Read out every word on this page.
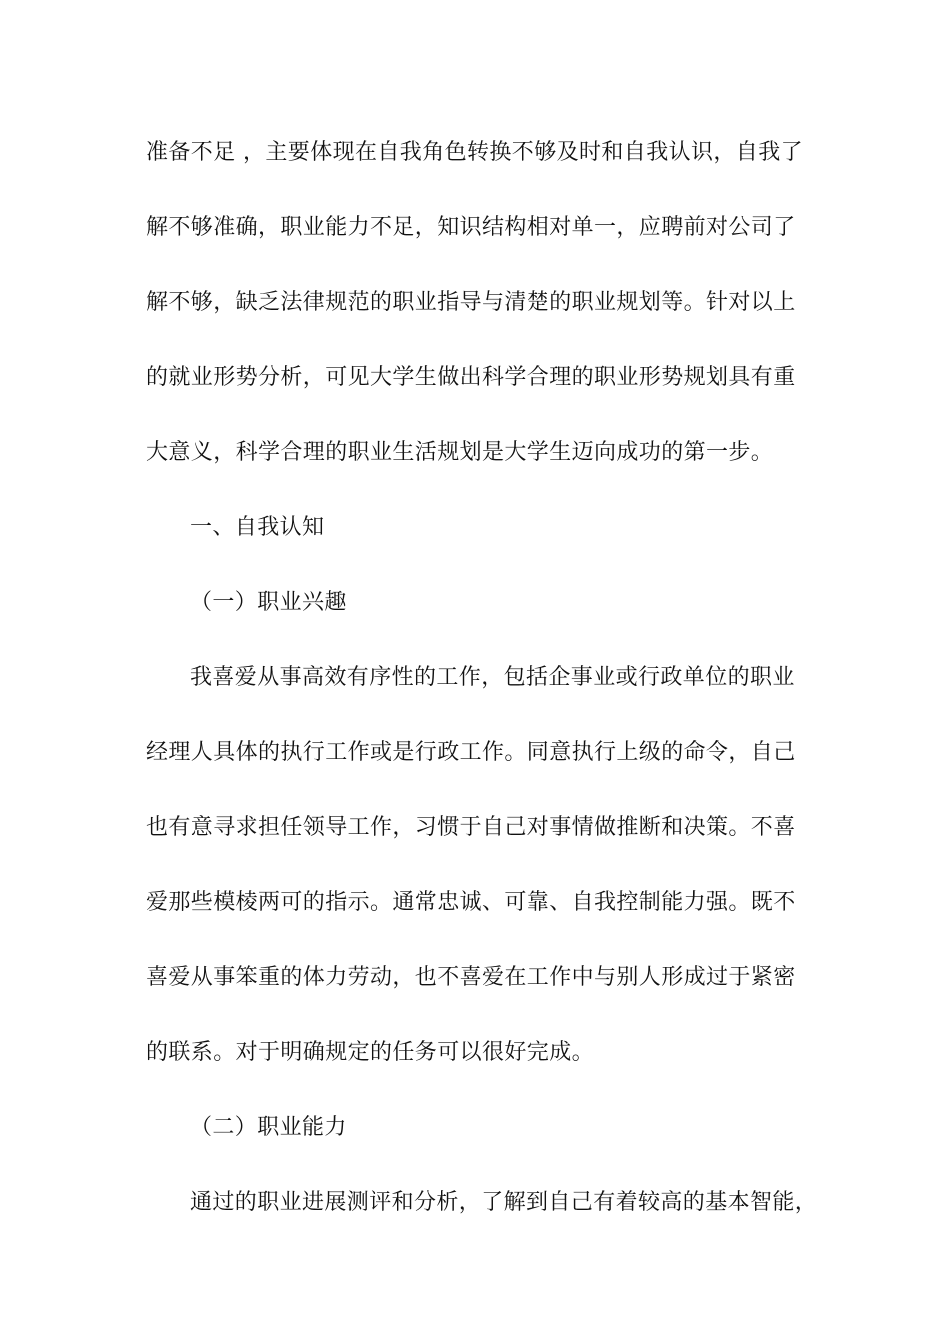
准备不足 ，主要体现在自我角色转换不够及时和自我认识，自我了
解不够准确，职业能力不足，知识结构相对单一，应聘前对公司了
解不够，缺乏法律规范的职业指导与清楚的职业规划等。针对以上
的就业形势分析，可见大学生做出科学合理的职业形势规划具有重
大意义，科学合理的职业生活规划是大学生迈向成功的第一步。
一、自我认知
（一）职业兴趣
我喜爱从事高效有序性的工作，包括企事业或行政单位的职业
经理人具体的执行工作或是行政工作。同意执行上级的命令，自己
也有意寻求担任领导工作，习惯于自己对事情做推断和决策。不喜
爱那些模棱两可的指示。通常忠诚、可靠、自我控制能力强。既不
喜爱从事笨重的体力劳动，也不喜爱在工作中与别人形成过于紧密
的联系。对于明确规定的任务可以很好完成。
（二）职业能力
通过的职业进展测评和分析，了解到自己有着较高的基本智能，
